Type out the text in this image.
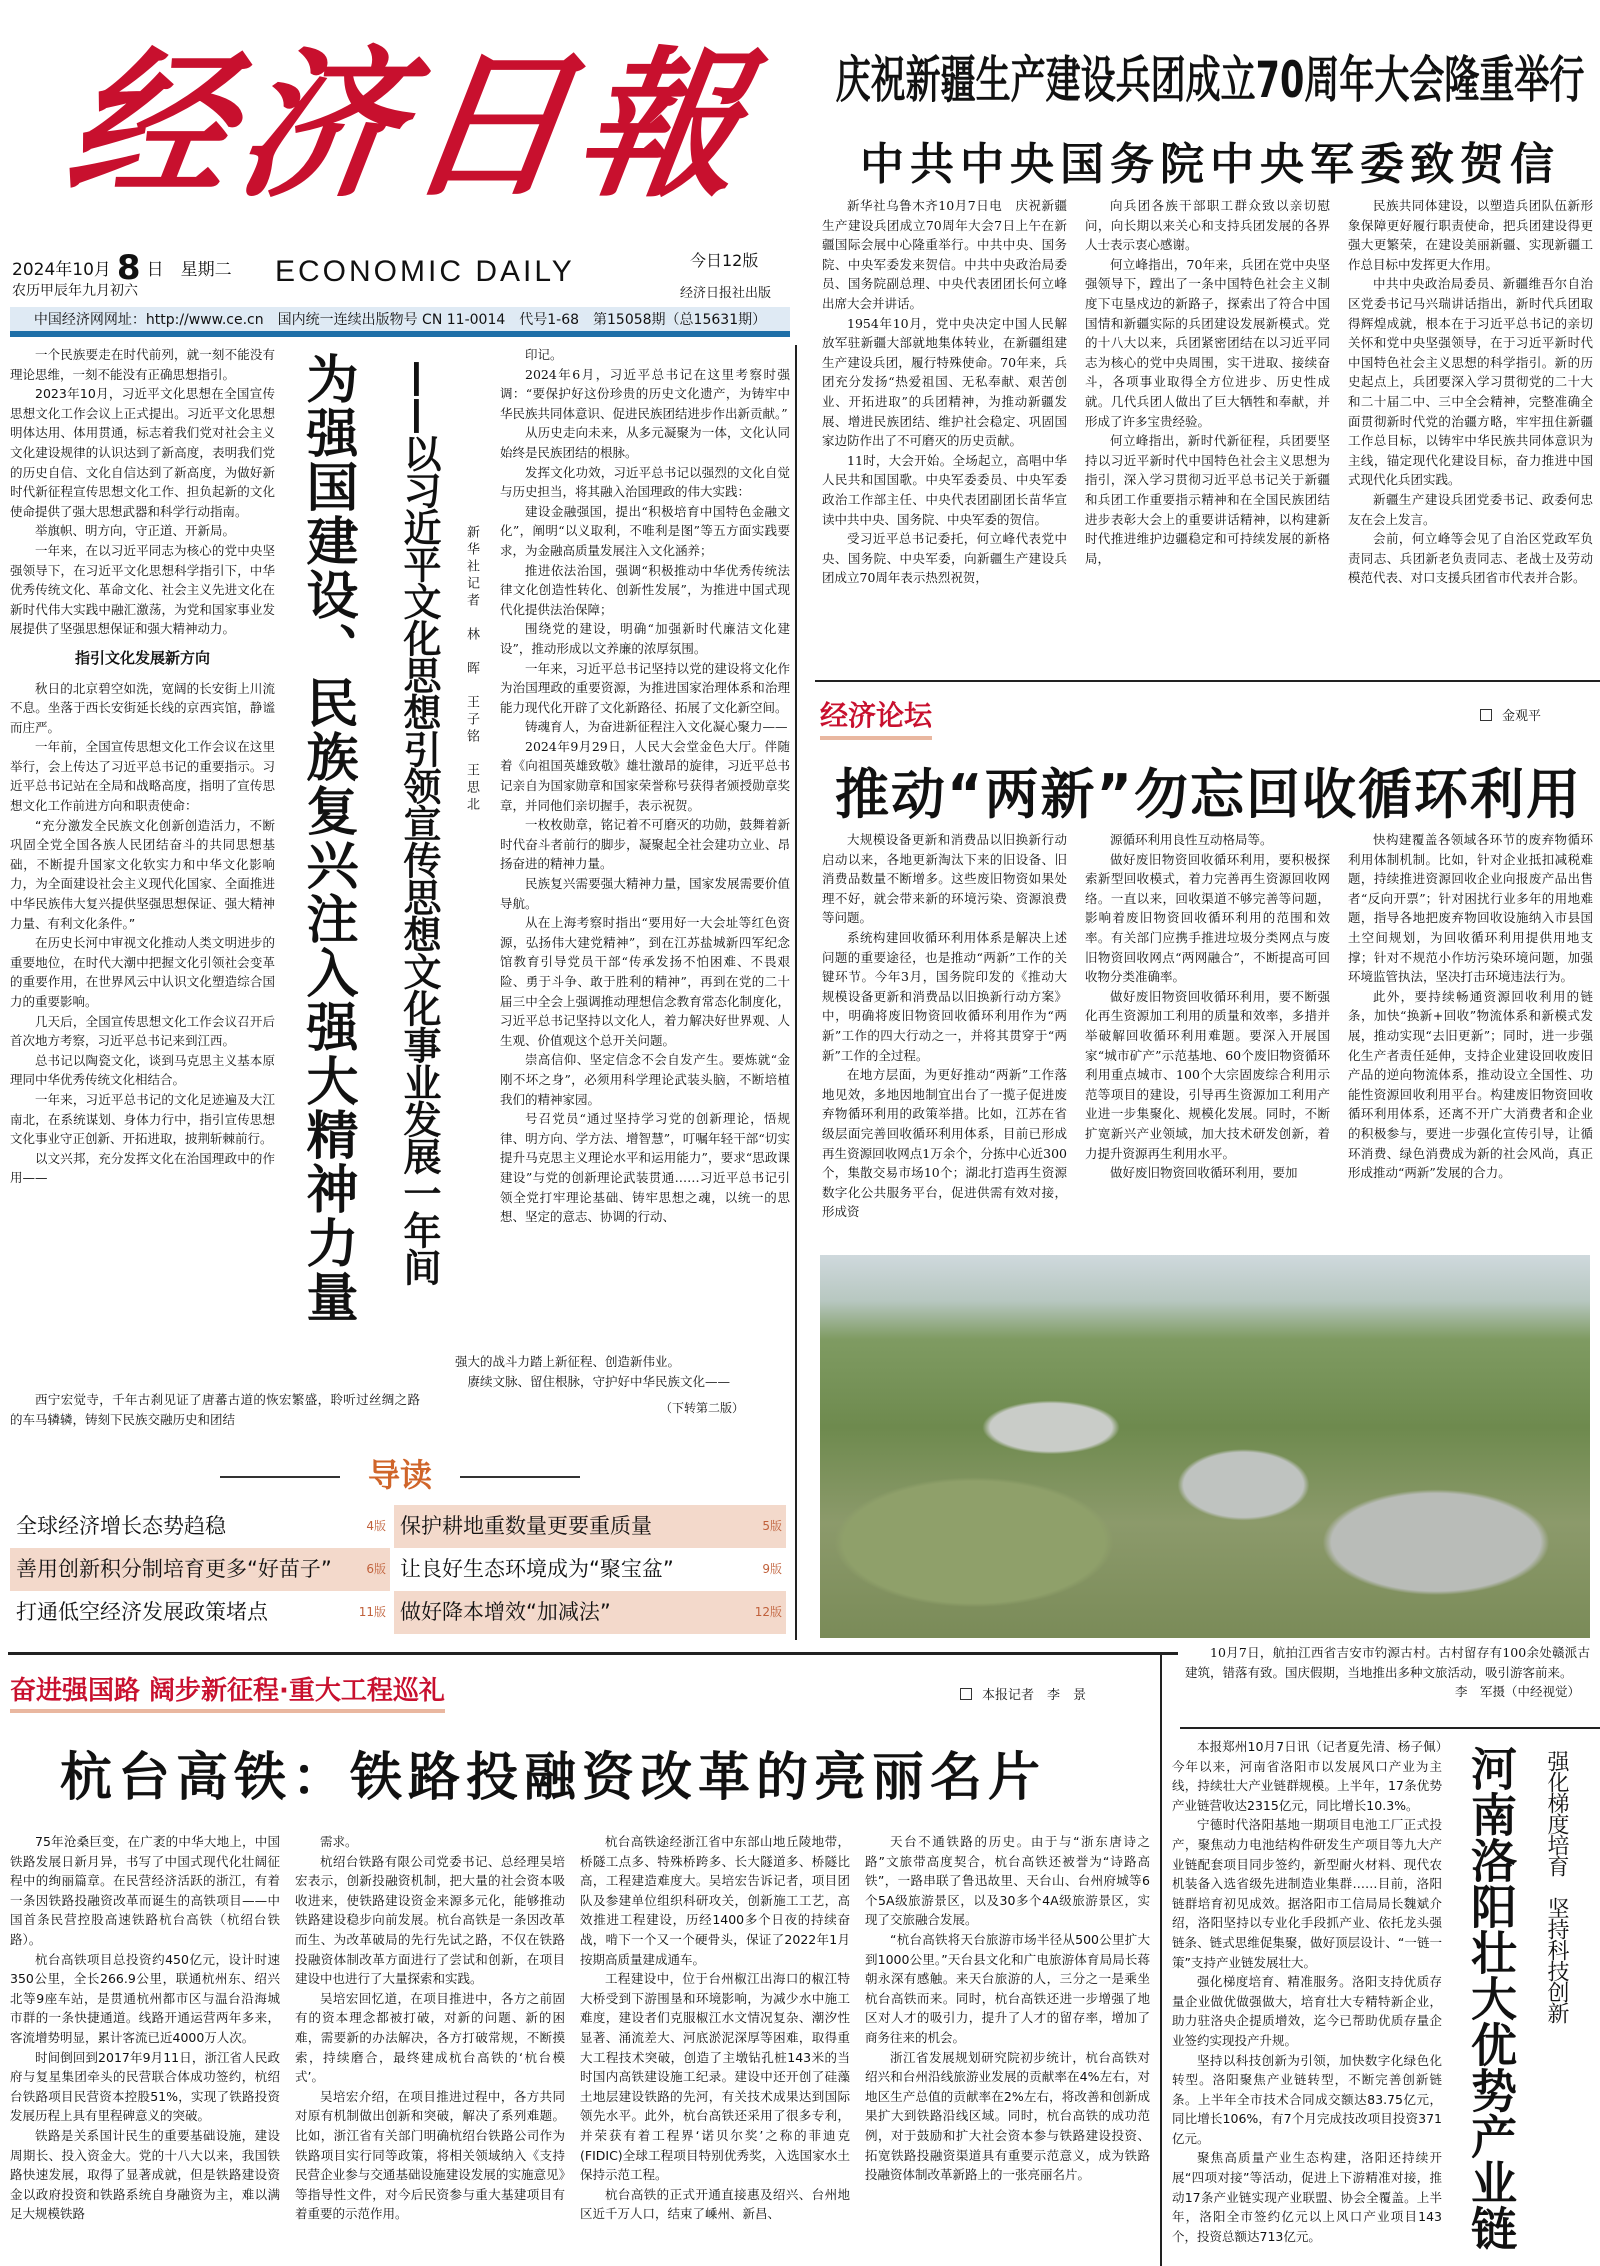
经济日報
2024年10月 8 日　星期二
农历甲辰年九月初六
ECONOMIC DAILY	今日12版
经济日报社出版
中国经济网网址：http://www.ce.cn　国内统一连续出版物号 CN 11-0014　代号1-68　第15058期（总15631期）
庆祝新疆生产建设兵团成立70周年大会隆重举行
中共中央国务院中央军委致贺信

新华社乌鲁木齐10月7日电　庆祝新疆生产建设兵团成立70周年大会7日上午在新疆国际会展中心隆重举行。中共中央、国务院、中央军委发来贺信。中共中央政治局委员、国务院副总理、中央代表团团长何立峰出席大会并讲话。

1954年10月，党中央决定中国人民解放军驻新疆大部就地集体转业，在新疆组建生产建设兵团，履行特殊使命。70年来，兵团充分发扬“热爱祖国、无私奉献、艰苦创业、开拓进取”的兵团精神，为推动新疆发展、增进民族团结、维护社会稳定、巩固国家边防作出了不可磨灭的历史贡献。

11时，大会开始。全场起立，高唱中华人民共和国国歌。中央军委委员、中央军委政治工作部主任、中央代表团副团长苗华宣读中共中央、国务院、中央军委的贺信。

受习近平总书记委托，何立峰代表党中央、国务院、中央军委，向新疆生产建设兵团成立70周年表示热烈祝贺，

向兵团各族干部职工群众致以亲切慰问，向长期以来关心和支持兵团发展的各界人士表示衷心感谢。

何立峰指出，70年来，兵团在党中央坚强领导下，蹚出了一条中国特色社会主义制度下屯垦戍边的新路子，探索出了符合中国国情和新疆实际的兵团建设发展新模式。党的十八大以来，兵团紧密团结在以习近平同志为核心的党中央周围，实干进取、接续奋斗，各项事业取得全方位进步、历史性成就。几代兵团人做出了巨大牺牲和奉献，并形成了许多宝贵经验。

何立峰指出，新时代新征程，兵团要坚持以习近平新时代中国特色社会主义思想为指引，深入学习贯彻习近平总书记关于新疆和兵团工作重要指示精神和在全国民族团结进步表彰大会上的重要讲话精神，以构建新时代推进维护边疆稳定和可持续发展的新格局，

民族共同体建设，以塑造兵团队伍新形象保障更好履行职责使命，把兵团建设得更强大更繁荣，在建设美丽新疆、实现新疆工作总目标中发挥更大作用。

中共中央政治局委员、新疆维吾尔自治区党委书记马兴瑞讲话指出，新时代兵团取得辉煌成就，根本在于习近平总书记的亲切关怀和党中央坚强领导，在于习近平新时代中国特色社会主义思想的科学指引。新的历史起点上，兵团要深入学习贯彻党的二十大和二十届二中、三中全会精神，完整准确全面贯彻新时代党的治疆方略，牢牢扭住新疆工作总目标，以铸牢中华民族共同体意识为主线，锚定现代化建设目标，奋力推进中国式现代化兵团实践。

新疆生产建设兵团党委书记、政委何忠友在会上发言。

会前，何立峰等会见了自治区党政军负责同志、兵团新老负责同志、老战士及劳动模范代表、对口支援兵团省市代表并合影。

经济论坛	金观平
推动“两新”勿忘回收循环利用

大规模设备更新和消费品以旧换新行动启动以来，各地更新淘汰下来的旧设备、旧消费品数量不断增多。这些废旧物资如果处理不好，就会带来新的环境污染、资源浪费等问题。

系统构建回收循环利用体系是解决上述问题的重要途径，也是推动“两新”工作的关键环节。今年3月，国务院印发的《推动大规模设备更新和消费品以旧换新行动方案》中，明确将废旧物资回收循环利用作为“两新”工作的四大行动之一，并将其贯穿于“两新”工作的全过程。

在地方层面，为更好推动“两新”工作落地见效，多地因地制宜出台了一揽子促进废弃物循环利用的政策举措。比如，江苏在省级层面完善回收循环利用体系，目前已形成再生资源回收网点1万余个，分拣中心近300个，集散交易市场10个；湖北打造再生资源数字化公共服务平台，促进供需有效对接，形成资

源循环利用良性互动格局等。

做好废旧物资回收循环利用，要积极探索新型回收模式，着力完善再生资源回收网络。一直以来，回收渠道不够完善等问题，影响着废旧物资回收循环利用的范围和效率。有关部门应携手推进垃圾分类网点与废旧物资回收网点“两网融合”，不断提高可回收物分类准确率。

做好废旧物资回收循环利用，要不断强化再生资源加工利用的质量和效率，多措并举破解回收循环利用难题。要深入开展国家“城市矿产”示范基地、60个废旧物资循环利用重点城市、100个大宗固废综合利用示范等项目的建设，引导再生资源加工利用产业进一步集聚化、规模化发展。同时，不断扩宽新兴产业领域，加大技术研发创新，着力提升资源再生利用水平。

做好废旧物资回收循环利用，要加

快构建覆盖各领域各环节的废弃物循环利用体制机制。比如，针对企业抵扣减税难题，持续推进资源回收企业向报废产品出售者“反向开票”；针对困扰行业多年的用地难题，指导各地把废弃物回收设施纳入市县国土空间规划，为回收循环利用提供用地支撑；针对不规范小作坊污染环境问题，加强环境监管执法，坚决打击环境违法行为。

此外，要持续畅通资源回收利用的链条，加快“换新+回收”物流体系和新模式发展，推动实现“去旧更新”；同时，进一步强化生产者责任延伸，支持企业建设回收废旧产品的逆向物流体系，推动设立全国性、功能性资源回收利用平台。构建废旧物资回收循环利用体系，还离不开广大消费者和企业的积极参与，要进一步强化宣传引导，让循环消费、绿色消费成为新的社会风尚，真正形成推动“两新”发展的合力。

10月7日，航拍江西省吉安市钓源古村。古村留存有100余处赣派古建筑，错落有致。国庆假期，当地推出多种文旅活动，吸引游客前来。

李　军摄（中经视觉）

一个民族要走在时代前列，就一刻不能没有理论思维，一刻不能没有正确思想指引。

2023年10月，习近平文化思想在全国宣传思想文化工作会议上正式提出。习近平文化思想明体达用、体用贯通，标志着我们党对社会主义文化建设规律的认识达到了新高度，表明我们党的历史自信、文化自信达到了新高度，为做好新时代新征程宣传思想文化工作、担负起新的文化使命提供了强大思想武器和科学行动指南。

举旗帜、明方向，守正道、开新局。

一年来，在以习近平同志为核心的党中央坚强领导下，在习近平文化思想科学指引下，中华优秀传统文化、革命文化、社会主义先进文化在新时代伟大实践中融汇激荡，为党和国家事业发展提供了坚强思想保证和强大精神动力。

指引文化发展新方向

秋日的北京碧空如洗，宽阔的长安街上川流不息。坐落于西长安街延长线的京西宾馆，静谧而庄严。

一年前，全国宣传思想文化工作会议在这里举行，会上传达了习近平总书记的重要指示。习近平总书记站在全局和战略高度，指明了宣传思想文化工作前进方向和职责使命：

“充分激发全民族文化创新创造活力，不断巩固全党全国各族人民团结奋斗的共同思想基础，不断提升国家文化软实力和中华文化影响力，为全面建设社会主义现代化国家、全面推进中华民族伟大复兴提供坚强思想保证、强大精神力量、有利文化条件。”

在历史长河中审视文化推动人类文明进步的重要地位，在时代大潮中把握文化引领社会变革的重要作用，在世界风云中认识文化塑造综合国力的重要影响。

几天后，全国宣传思想文化工作会议召开后首次地方考察，习近平总书记来到江西。

总书记以陶瓷文化，谈到马克思主义基本原理同中华优秀传统文化相结合。

一年来，习近平总书记的文化足迹遍及大江南北，在系统谋划、身体力行中，指引宣传思想文化事业守正创新、开拓进取，披荆斩棘前行。

以文兴邦，充分发挥文化在治国理政中的作用——	为强国建设、民族复兴注入强大精神力量 ——以习近平文化思想引领宣传思想文化事业发展一年间 新华社记者　林　晖　王子铭　王思北

印记。

2024年6月，习近平总书记在这里考察时强调：“要保护好这份珍贵的历史文化遗产，为铸牢中华民族共同体意识、促进民族团结进步作出新贡献。”

从历史走向未来，从多元凝聚为一体，文化认同始终是民族团结的根脉。

发挥文化功效，习近平总书记以强烈的文化自觉与历史担当，将其融入治国理政的伟大实践：

建设金融强国，提出“积极培育中国特色金融文化”，阐明“以义取利，不唯利是图”等五方面实践要求，为金融高质量发展注入文化涵养；

推进依法治国，强调“积极推动中华优秀传统法律文化创造性转化、创新性发展”，为推进中国式现代化提供法治保障；

围绕党的建设，明确“加强新时代廉洁文化建设”，推动形成以文养廉的浓厚氛围。

一年来，习近平总书记坚持以党的建设将文化作为治国理政的重要资源，为推进国家治理体系和治理能力现代化开辟了文化新路径、拓展了文化新空间。

铸魂育人，为奋进新征程注入文化凝心聚力——

2024年9月29日，人民大会堂金色大厅。伴随着《向祖国英雄致敬》雄壮激昂的旋律，习近平总书记亲自为国家勋章和国家荣誉称号获得者颁授勋章奖章，并同他们亲切握手，表示祝贺。

一枚枚勋章，铭记着不可磨灭的功勋，鼓舞着新时代奋斗者前行的脚步，凝聚起全社会建功立业、昂扬奋进的精神力量。

民族复兴需要强大精神力量，国家发展需要价值导航。

从在上海考察时指出“要用好一大会址等红色资源，弘扬伟大建党精神”，到在江苏盐城新四军纪念馆教育引导党员干部“传承发扬不怕困难、不畏艰险、勇于斗争、敢于胜利的精神”，再到在党的二十届三中全会上强调推动理想信念教育常态化制度化，习近平总书记坚持以文化人，着力解决好世界观、人生观、价值观这个总开关问题。

崇高信仰、坚定信念不会自发产生。要炼就“金刚不坏之身”，必须用科学理论武装头脑，不断培植我们的精神家园。

号召党员“通过坚持学习党的创新理论，悟规律、明方向、学方法、增智慧”，叮嘱年轻干部“切实提升马克思主义理论水平和运用能力”，要求“思政课建设”与党的创新理论武装贯通……习近平总书记引领全党打牢理论基础、铸牢思想之魂，以统一的思想、坚定的意志、协调的行动、

西宁宏觉寺，千年古刹见证了唐蕃古道的恢宏繁盛，聆听过丝绸之路的车马辚辚，铸刻下民族交融历史和团结

强大的战斗力踏上新征程、创造新伟业。
赓续文脉、留住根脉，守护好中华民族文化——
（下转第二版）
导读
全球经济增长态势趋稳	4版 保护耕地重数量更要重质量	5版
善用创新积分制培育更多“好苗子”	6版 让良好生态环境成为“聚宝盆”	9版
打通低空经济发展政策堵点	11版 做好降本增效“加减法”	12版
奋进强国路 阔步新征程·重大工程巡礼	本报记者　李　景
杭台高铁：铁路投融资改革的亮丽名片

75年沧桑巨变，在广袤的中华大地上，中国铁路发展日新月异，书写了中国式现代化壮阔征程中的绚丽篇章。在民营经济活跃的浙江，有着一条因铁路投融资改革而诞生的高铁项目——中国首条民营控股高速铁路杭台高铁（杭绍台铁路）。

杭台高铁项目总投资约450亿元，设计时速350公里，全长266.9公里，联通杭州东、绍兴北等9座车站，是贯通杭州都市区与温台沿海城市群的一条快捷通道。线路开通运营两年多来，客流增势明显，累计客流已近4000万人次。

时间倒回到2017年9月11日，浙江省人民政府与复星集团牵头的民营联合体成功签约，杭绍台铁路项目民营资本控股51%，实现了铁路投资发展历程上具有里程碑意义的突破。

铁路是关系国计民生的重要基础设施，建设周期长、投入资金大。党的十八大以来，我国铁路快速发展，取得了显著成就，但是铁路建设资金以政府投资和铁路系统自身融资为主，难以满足大规模铁路

需求。

杭绍台铁路有限公司党委书记、总经理吴培宏表示，创新投融资机制，把大量的社会资本吸收进来，使铁路建设资金来源多元化，能够推动铁路建设稳步向前发展。杭台高铁是一条因改革而生、为改革破局的先行先试之路，不仅在铁路投融资体制改革方面进行了尝试和创新，在项目建设中也进行了大量探索和实践。

吴培宏回忆道，在项目推进中，各方之前固有的资本理念都被打破，对新的问题、新的困难，需要新的办法解决，各方打破常规，不断摸索，持续磨合，最终建成杭台高铁的‘杭台模式’。

吴培宏介绍，在项目推进过程中，各方共同对原有机制做出创新和突破，解决了系列难题。比如，浙江省有关部门明确杭绍台铁路公司作为铁路项目实行同等政策，将相关领域纳入《支持民营企业参与交通基础设施建设发展的实施意见》等指导性文件，对今后民资参与重大基建项目有着重要的示范作用。

杭台高铁途经浙江省中东部山地丘陵地带，桥隧工点多、特殊桥跨多、长大隧道多、桥隧比高，工程建造难度大。吴培宏告诉记者，项目团队及参建单位组织科研攻关，创新施工工艺，高效推进工程建设，历经1400多个日夜的持续奋战，啃下一个又一个硬骨头，保证了2022年1月按期高质量建成通车。

工程建设中，位于台州椒江出海口的椒江特大桥受到下游围垦和环境影响，为减少水中施工难度，建设者们克服椒江水文情况复杂、潮汐性显著、涌流差大、河底淤泥深厚等困难，取得重大工程技术突破，创造了主墩钻孔桩143米的当时国内高铁建设施工纪录。建设中还开创了硅藻土地层建设铁路的先河，有关技术成果达到国际领先水平。此外，杭台高铁还采用了很多专利，并荣获有着工程界‘诺贝尔奖’之称的菲迪克(FIDIC)全球工程项目特别优秀奖，入选国家水土保持示范工程。

杭台高铁的正式开通直接惠及绍兴、台州地区近千万人口，结束了嵊州、新昌、

天台不通铁路的历史。由于与“浙东唐诗之路”文旅带高度契合，杭台高铁还被誉为“诗路高铁”，一路串联了鲁迅故里、天台山、台州府城等6个5A级旅游景区，以及30多个4A级旅游景区，实现了交旅融合发展。

“杭台高铁将天台旅游市场半径从500公里扩大到1000公里。”天台县文化和广电旅游体育局局长蒋朝永深有感触。来天台旅游的人，三分之一是乘坐杭台高铁而来。同时，杭台高铁还进一步增强了地区对人才的吸引力，提升了人才的留存率，增加了商务往来的机会。

浙江省发展规划研究院初步统计，杭台高铁对绍兴和台州沿线旅游业发展的贡献率在4%左右，对地区生产总值的贡献率在2%左右，将改善和创新成果扩大到铁路沿线区域。同时，杭台高铁的成功范例，对于鼓励和扩大社会资本参与铁路建设投资、拓宽铁路投融资渠道具有重要示范意义，成为铁路投融资体制改革新路上的一张亮丽名片。

本报郑州10月7日讯（记者夏先清、杨子佩）今年以来，河南省洛阳市以发展风口产业为主线，持续壮大产业链群规模。上半年，17条优势产业链营收达2315亿元，同比增长10.3%。

宁德时代洛阳基地一期项目电池工厂正式投产，聚焦动力电池结构件研发生产项目等九大产业链配套项目同步签约，新型耐火材料、现代农机装备入选省级先进制造业集群……目前，洛阳链群培育初见成效。据洛阳市工信局局长魏斌介绍，洛阳坚持以专业化手段抓产业、依托龙头强链条、链式思维促集聚，做好顶层设计、“一链一策”支持产业链发展壮大。

强化梯度培育、精准服务。洛阳支持优质存量企业做优做强做大，培育壮大专精特新企业，助力驻洛央企提质增效，迄今已帮助优质存量企业签约实现投产升规。

坚持以科技创新为引领，加快数字化绿色化转型。洛阳聚焦产业链转型，不断完善创新链条。上半年全市技术合同成交额达83.75亿元，同比增长106%，有7个月完成技改项目投资371亿元。

聚焦高质量产业生态构建，洛阳还持续开展“四项对接”等活动，促进上下游精准对接，推动17条产业链实现产业联盟、协会全覆盖。上半年，洛阳全市签约亿元以上风口产业项目143个，投资总额达713亿元。	河南洛阳壮大优势产业链 强化梯度培育　坚持科技创新
